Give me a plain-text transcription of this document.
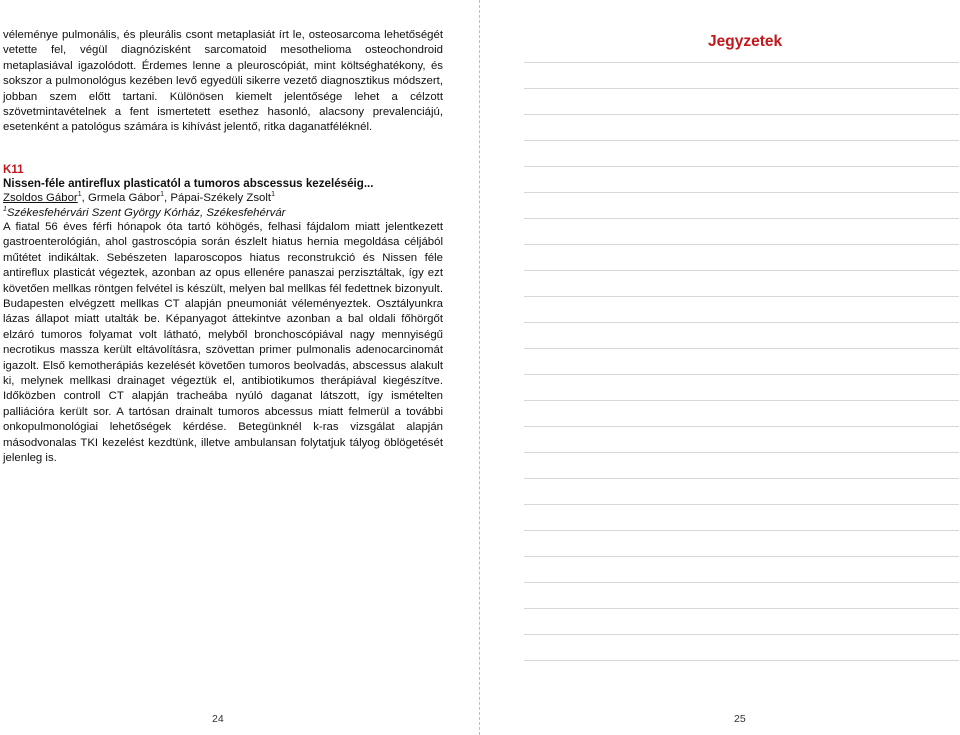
véleménye pulmonális, és pleurális csont metaplasiát írt le, osteosarcoma lehetőségét vetette fel, végül diagnózisként sarcomatoid mesothelioma osteochondroid metaplasiával igazolódott. Érdemes lenne a pleuroscópiát, mint költséghatékony, és sokszor a pulmonológus kezében levő egyedüli sikerre vezető diagnosztikus módszert, jobban szem előtt tartani. Különösen kiemelt jelentősége lehet a célzott szövetmintavételnek a fent ismertetett esethez hasonló, alacsony prevalenciájú, esetenként a patológus számára is kihívást jelentő, ritka daganatféléknél.

K11
Nissen-féle antireflux plasticatól a tumoros abscessus kezeléséig...
Zsoldos Gábor$^1$, Grmela Gábor$^1$, Pápai-Székely Zsolt$^1$
$^1$Székesfehérvári Szent György Kórház, Székesfehérvár

A fiatal 56 éves férfi hónapok óta tartó köhögés, felhasi fájdalom miatt jelentkezett gastroenterológián, ahol gastroscópia során észlelt hiatus hernia megoldása céljából műtétet indikáltak. Sebészeten laparoscopos hiatus reconstrukció és Nissen féle antireflux plasticát végeztek, azonban az opus ellenére panaszai perzisztáltak, így ezt követően mellkas röntgen felvétel is készült, melyen bal mellkas fél fedettnek bizonyult. Budapesten elvégzett mellkas CT alapján pneumoniát véleményeztek. Osztályunkra lázas állapot miatt utalták be. Képanyagot áttekintve azonban a bal oldali főhörgőt elzáró tumoros folyamat volt látható, melyből bronchoscópiával nagy mennyiségű necrotikus massza került eltávolításra, szövettan primer pulmonalis adenocarcinomát igazolt. Első kemotherápiás kezelését követően tumoros beolvadás, abscessus alakult ki, melynek mellkasi drainaget végeztük el, antibiotikumos therápiával kiegészítve. Időközben controll CT alapján tracheába nyúló daganat látszott, így ismételten palliációra került sor. A tartósan drainalt tumoros abcessus miatt felmerül a további onkopulmonológiai lehetőségek kérdése. Betegünknél k-ras vizsgálat alapján másodvonalas TKI kezelést kezdtünk, illetve ambulansan folytatjuk tályog öblögetését jelenleg is.

24
Jegyzetek
25
